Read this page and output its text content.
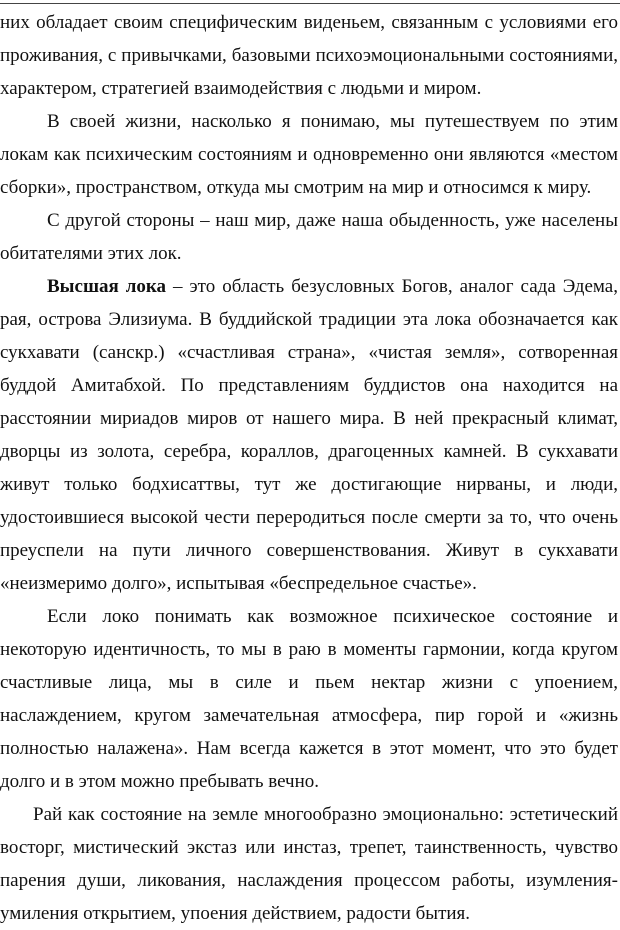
них обладает своим специфическим виденьем, связанным с условиями его проживания, с привычками, базовыми психоэмоциональными состояниями, характером, стратегией взаимодействия с людьми и миром.

В своей жизни, насколько я понимаю, мы путешествуем по этим локам как психическим состояниям и одновременно они являются «местом сборки», пространством, откуда мы смотрим на мир и относимся к миру.

С другой стороны – наш мир, даже наша обыденность, уже населены обитателями этих лок.

Высшая лока – это область безусловных Богов, аналог сада Эдема, рая, острова Элизиума. В буддийской традиции эта лока обозначается как сукхавати (санскр.) «счастливая страна», «чистая земля», сотворенная буддой Амитабхой. По представлениям буддистов она находится на расстоянии мириадов миров от нашего мира. В ней прекрасный климат, дворцы из золота, серебра, кораллов, драгоценных камней. В сукхавати живут только бодхисаттвы, тут же достигающие нирваны, и люди, удостоившиеся высокой чести переродиться после смерти за то, что очень преуспели на пути личного совершенствования. Живут в сукхавати «неизмеримо долго», испытывая «беспредельное счастье».

Если локо понимать как возможное психическое состояние и некоторую идентичность, то мы в раю в моменты гармонии, когда кругом счастливые лица, мы в силе и пьем нектар жизни с упоением, наслаждением, кругом замечательная атмосфера, пир горой и «жизнь полностью налажена». Нам всегда кажется в этот момент, что это будет долго и в этом можно пребывать вечно.

Рай как состояние на земле многообразно эмоционально: эстетический восторг, мистический экстаз или инстаз, трепет, таинственность, чувство парения души, ликования, наслаждения процессом работы, изумления-умиления открытием, упоения действием, радости бытия.
